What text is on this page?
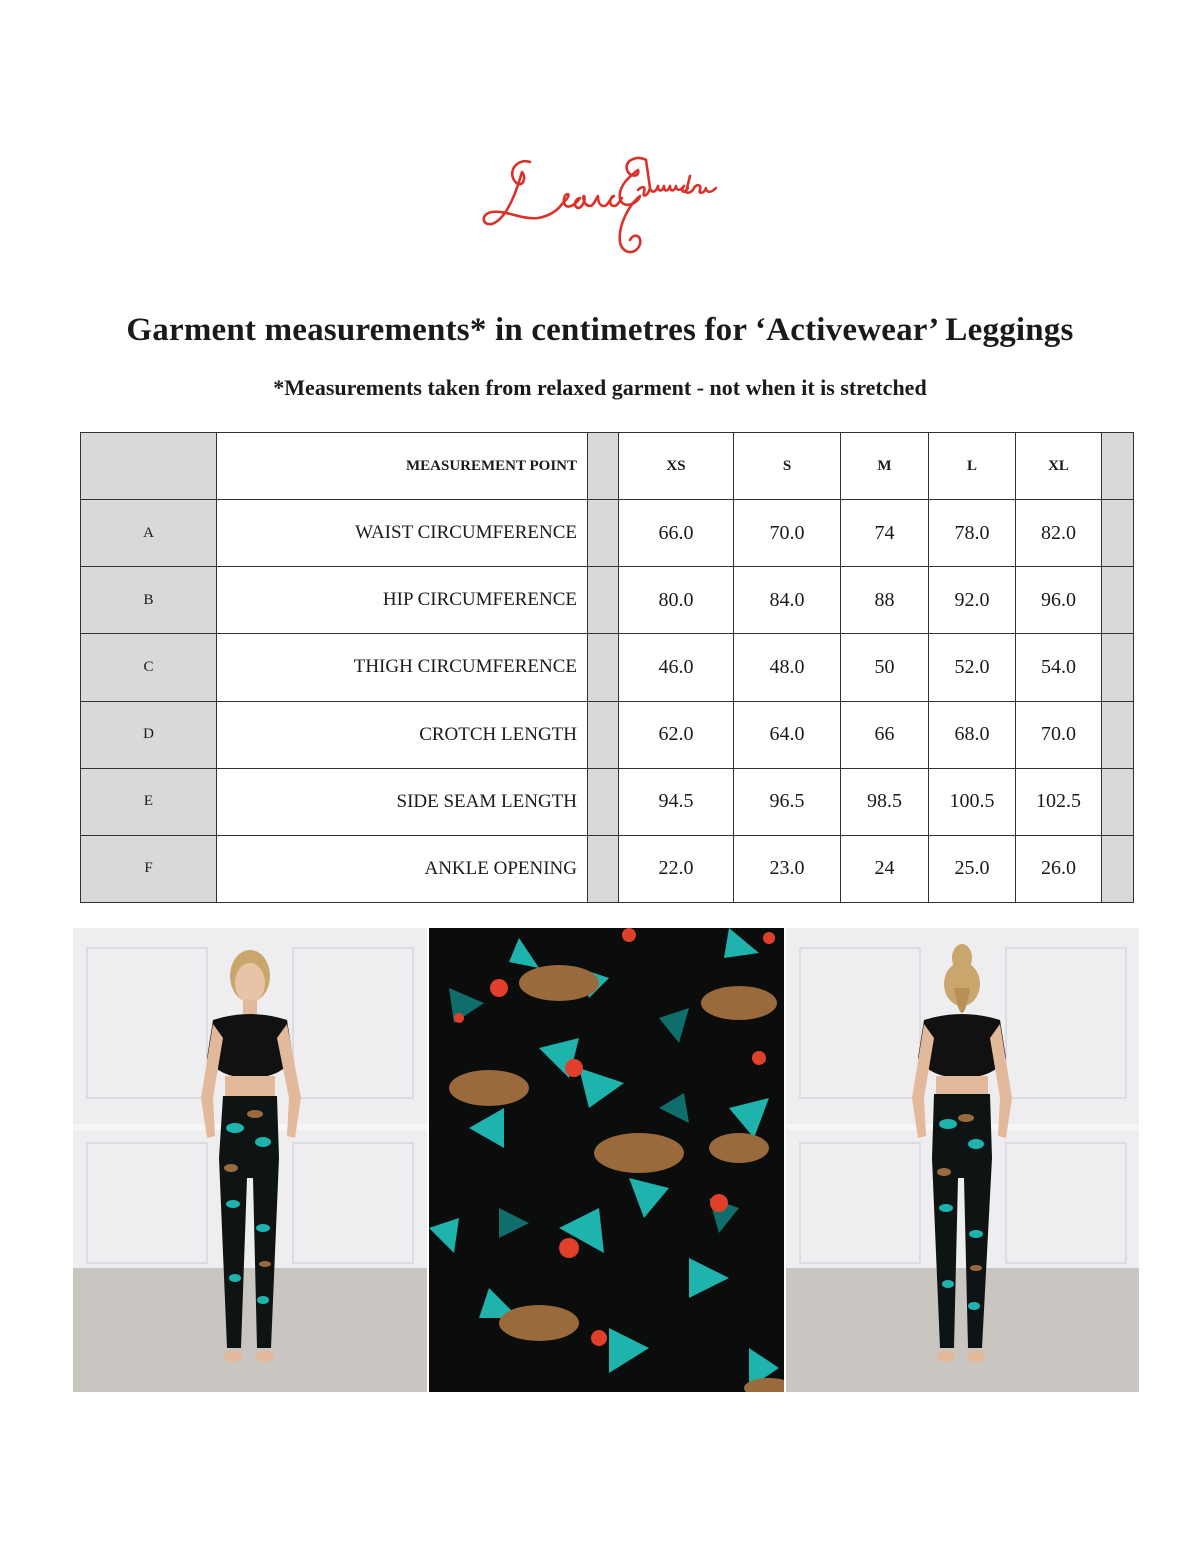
Garment measurements* in centimetres for ‘Activewear’ Leggings
*Measurements taken from relaxed garment - not when it is stretched
	MEASUREMENT POINT		XS	S	M	L	XL	
A	WAIST CIRCUMFERENCE		66.0	70.0	74	78.0	82.0	
B	HIP CIRCUMFERENCE		80.0	84.0	88	92.0	96.0	
C	THIGH CIRCUMFERENCE		46.0	48.0	50	52.0	54.0	
D	CROTCH LENGTH		62.0	64.0	66	68.0	70.0	
E	SIDE SEAM LENGTH		94.5	96.5	98.5	100.5	102.5	
F	ANKLE OPENING		22.0	23.0	24	25.0	26.0	
